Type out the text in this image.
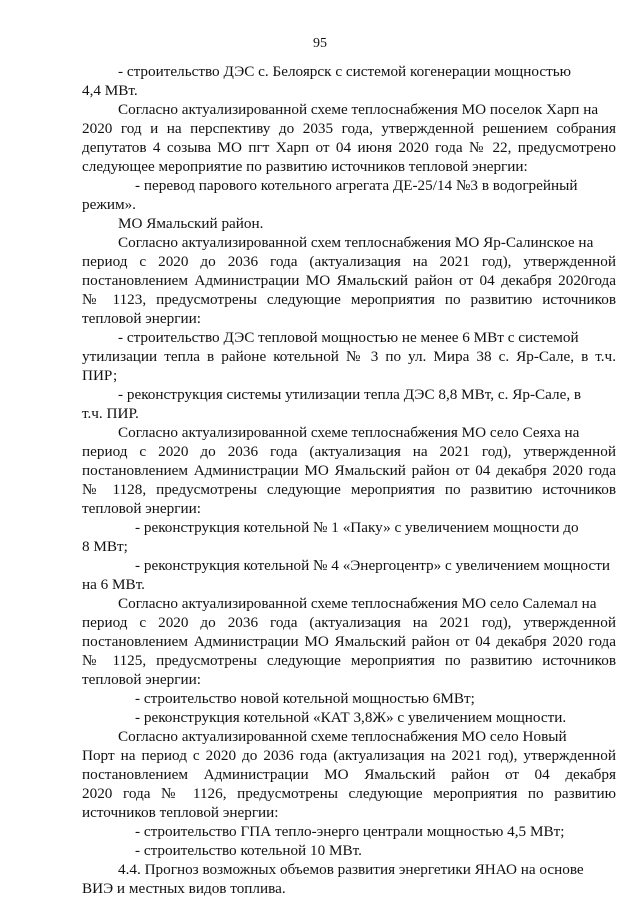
95
- строительство ДЭС с. Белоярск с системой когенерации мощностью
4,4 МВт.
Согласно актуализированной схеме теплоснабжения МО поселок Харп на
2020 год и на перспективу до 2035 года, утвержденной решением собрания
депутатов 4 созыва МО пгт Харп от 04 июня 2020 года № 22, предусмотрено
следующее мероприятие по развитию источников тепловой энергии:
- перевод парового котельного агрегата ДЕ-25/14 №3 в водогрейный
режим».
МО Ямальский район.
Согласно актуализированной схем теплоснабжения МО Яр-Салинское на
период с 2020 до 2036 года (актуализация на 2021 год), утвержденной
постановлением Администрации МО Ямальский район от 04 декабря 2020года
№ 1123, предусмотрены следующие мероприятия по развитию источников
тепловой энергии:
- строительство ДЭС тепловой мощностью не менее 6 МВт с системой
утилизации тепла в районе котельной № 3 по ул. Мира 38 с. Яр-Сале, в т.ч.
ПИР;
- реконструкция системы утилизации тепла ДЭС 8,8 МВт, с. Яр-Сале, в
т.ч. ПИР.
Согласно актуализированной схеме теплоснабжения МО село Сеяха на
период с 2020 до 2036 года (актуализация на 2021 год), утвержденной
постановлением Администрации МО Ямальский район от 04 декабря 2020 года
№ 1128, предусмотрены следующие мероприятия по развитию источников
тепловой энергии:
- реконструкция котельной № 1 «Паку» с увеличением мощности до
8 МВт;
- реконструкция котельной № 4 «Энергоцентр» с увеличением мощности
на 6 МВт.
Согласно актуализированной схеме теплоснабжения МО село Салемал на
период с 2020 до 2036 года (актуализация на 2021 год), утвержденной
постановлением Администрации МО Ямальский район от 04 декабря 2020 года
№ 1125, предусмотрены следующие мероприятия по развитию источников
тепловой энергии:
- строительство новой котельной мощностью 6МВт;
- реконструкция котельной «КАТ 3,8Ж» с увеличением мощности.
Согласно актуализированной схеме теплоснабжения МО село Новый
Порт на период с 2020 до 2036 года (актуализация на 2021 год), утвержденной
постановлением Администрации МО Ямальский район от 04 декабря
2020 года № 1126, предусмотрены следующие мероприятия по развитию
источников тепловой энергии:
- строительство ГПА тепло-энерго централи мощностью 4,5 МВт;
- строительство котельной 10 МВт.
4.4. Прогноз возможных объемов развития энергетики ЯНАО на основе
ВИЭ и местных видов топлива.
